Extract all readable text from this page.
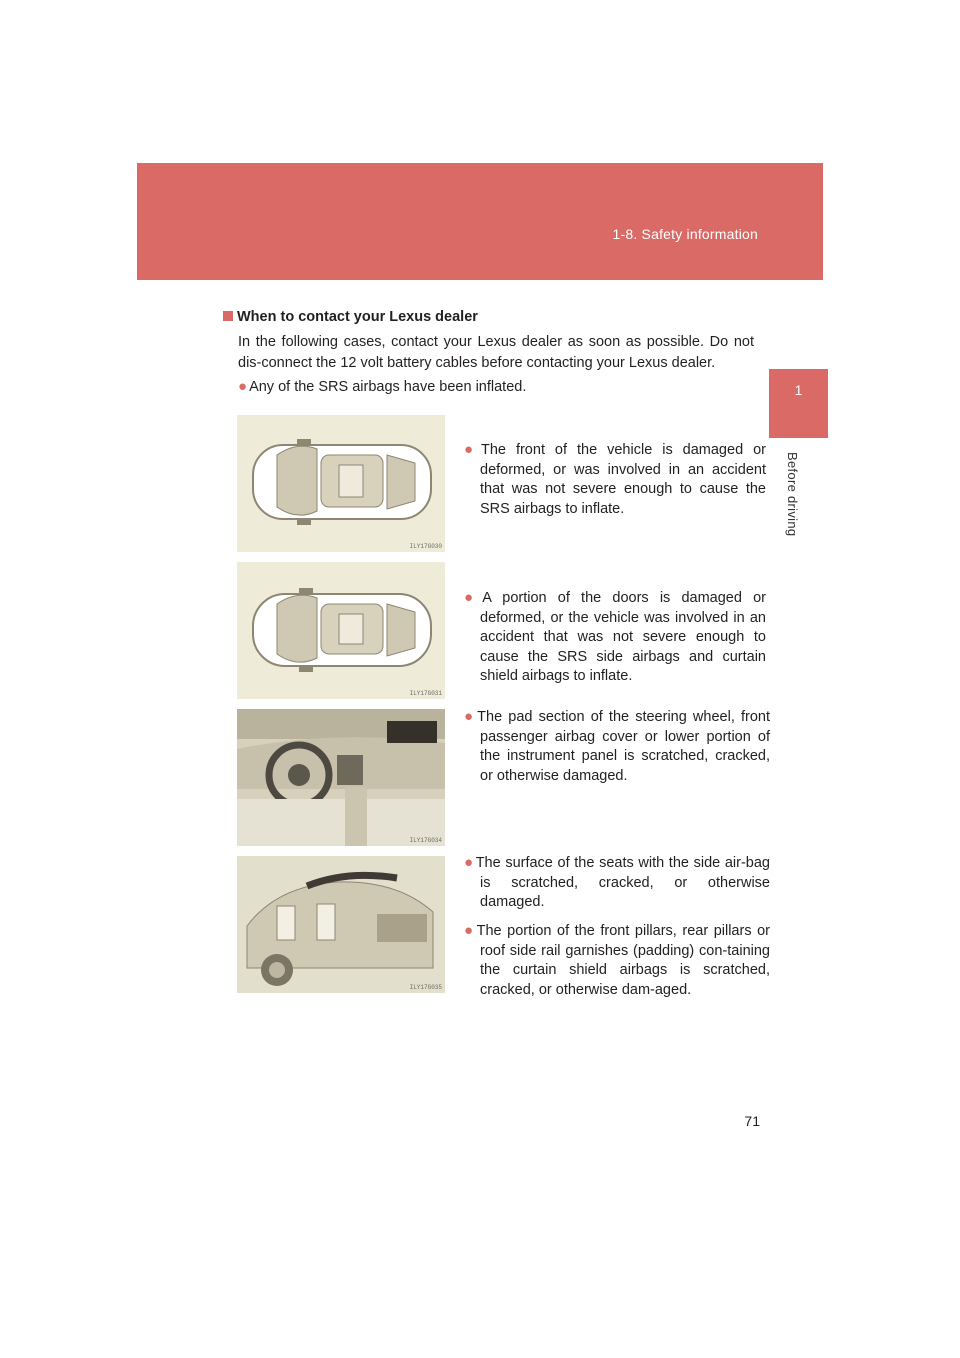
1-8. Safety information
1
Before driving
When to contact your Lexus dealer
In the following cases, contact your Lexus dealer as soon as possible. Do not dis-connect the 12 volt battery cables before contacting your Lexus dealer.
● Any of the SRS airbags have been inflated.
ILY17G030
● The front of the vehicle is damaged or deformed, or was involved in an accident that was not severe enough to cause the SRS airbags to inflate.
ILY17G031
● A portion of the doors is damaged or deformed, or the vehicle was involved in an accident that was not severe enough to cause the SRS side airbags and curtain shield airbags to inflate.
ILY17G034
● The pad section of the steering wheel, front passenger airbag cover or lower portion of the instrument panel is scratched, cracked, or otherwise damaged.
ILY17G035
● The surface of the seats with the side air-bag is scratched, cracked, or otherwise damaged.
● The portion of the front pillars, rear pillars or roof side rail garnishes (padding) con-taining the curtain shield airbags is scratched, cracked, or otherwise dam-aged.
71
